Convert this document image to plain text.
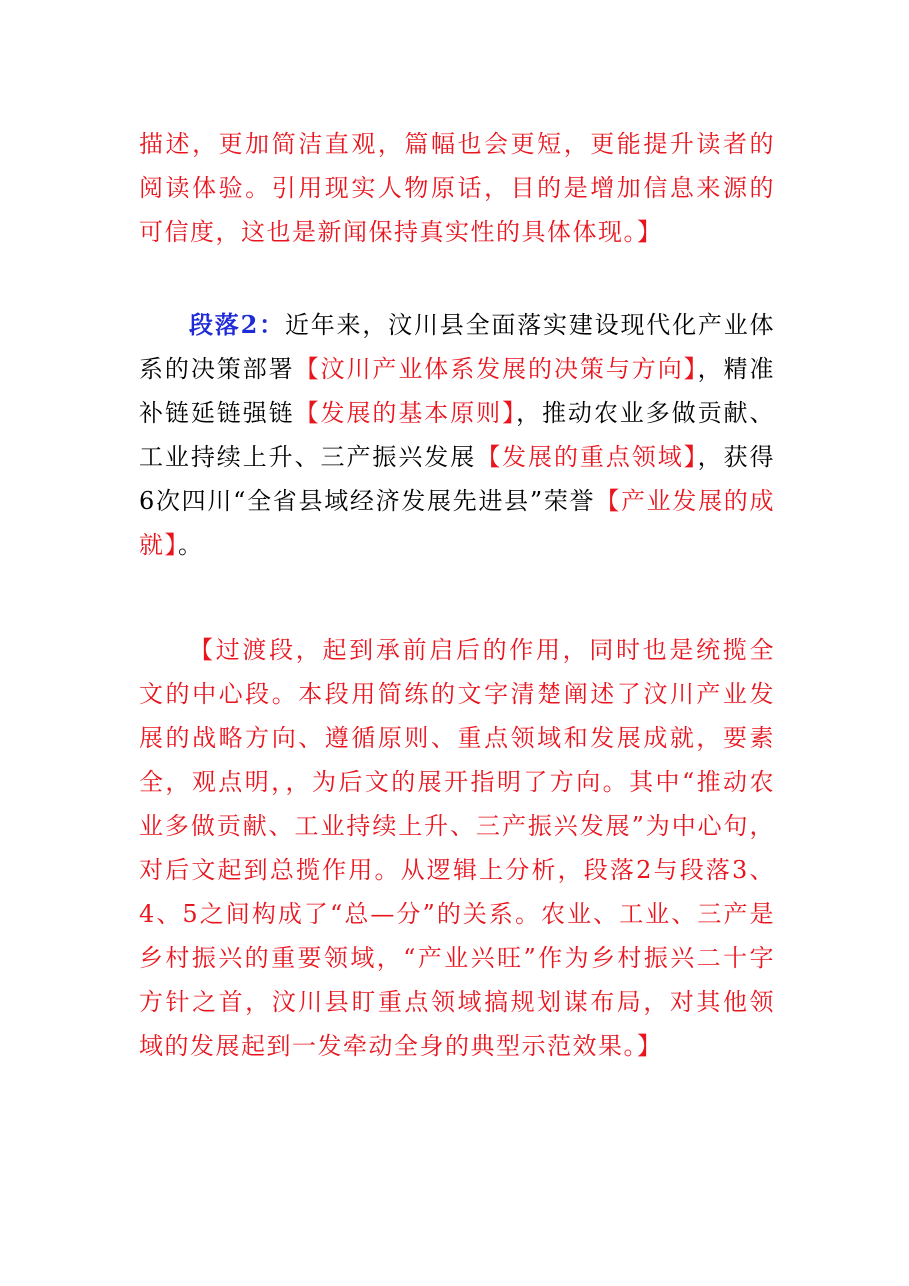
描述，更加简洁直观，篇幅也会更短，更能提升读者的阅读体验。引用现实人物原话，目的是增加信息来源的可信度，这也是新闻保持真实性的具体体现。】

段落2：近年来，汶川县全面落实建设现代化产业体系的决策部署【汶川产业体系发展的决策与方向】，精准补链延链强链【发展的基本原则】，推动农业多做贡献、工业持续上升、三产振兴发展【发展的重点领域】，获得6次四川“全省县域经济发展先进县”荣誉【产业发展的成就】。

【过渡段，起到承前启后的作用，同时也是统揽全文的中心段。本段用简练的文字清楚阐述了汶川产业发展的战略方向、遵循原则、重点领域和发展成就，要素全，观点明，，为后文的展开指明了方向。其中“推动农业多做贡献、工业持续上升、三产振兴发展”为中心句，对后文起到总揽作用。从逻辑上分析，段落2与段落3、4、5之间构成了“总—分”的关系。农业、工业、三产是乡村振兴的重要领域，“产业兴旺”作为乡村振兴二十字方针之首，汶川县盯重点领域搞规划谋布局，对其他领域的发展起到一发牵动全身的典型示范效果。】
